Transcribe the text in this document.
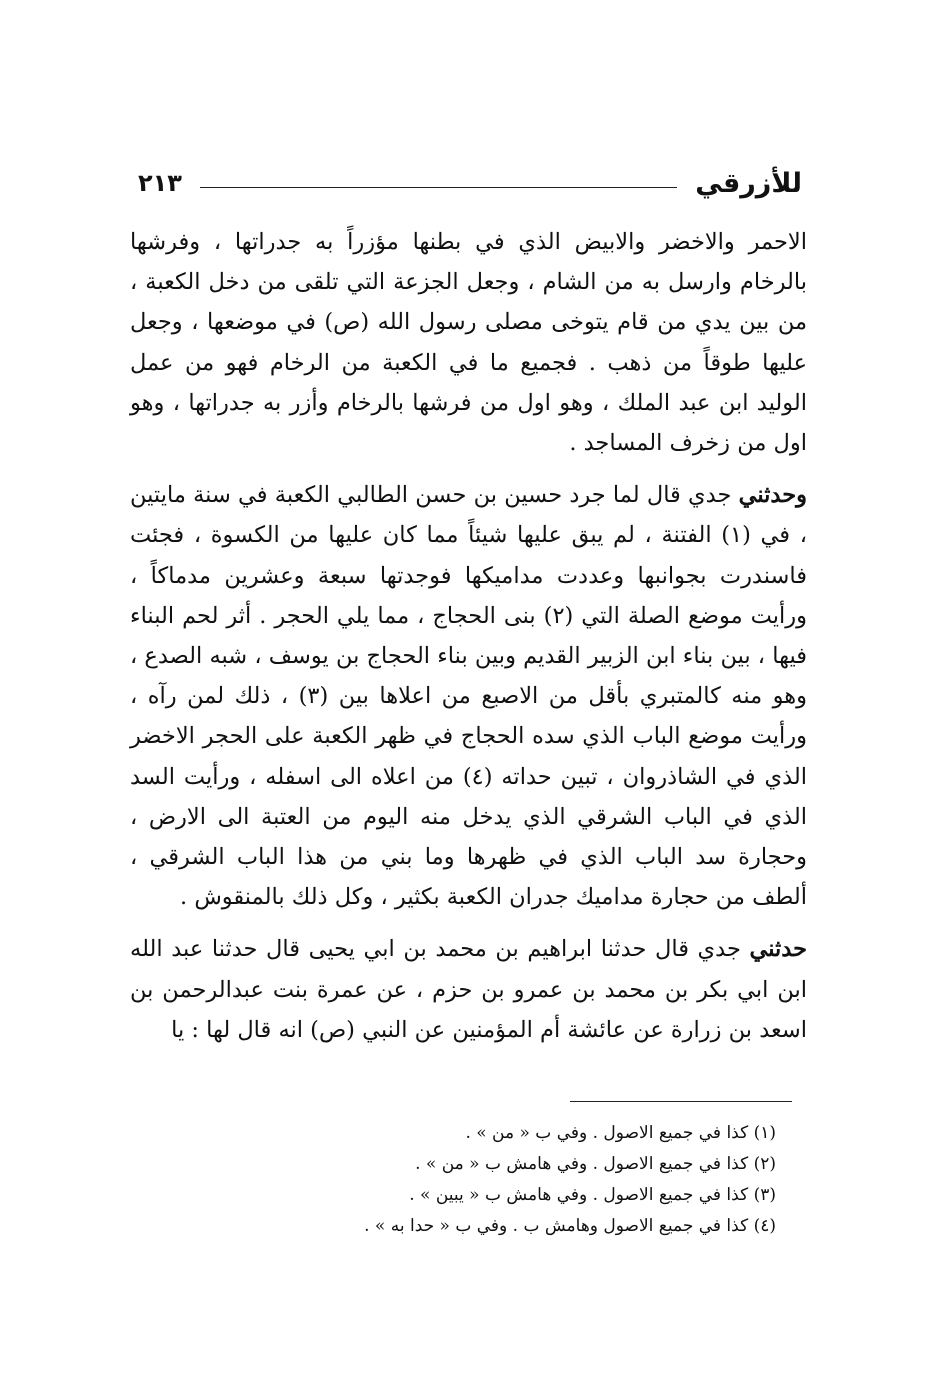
للأزرقي
٢١٣

الاحمر والاخضر والابيض الذي في بطنها مؤزراً به جدراتها ، وفرشها بالرخام وارسل به من الشام ، وجعل الجزعة التي تلقى من دخل الكعبة ، من بين يدي من قام يتوخى مصلى رسول الله (ص) في موضعها ، وجعل عليها طوقاً من ذهب . فجميع ما في الكعبة من الرخام فهو من عمل الوليد ابن عبد الملك ، وهو اول من فرشها بالرخام وأزر به جدراتها ، وهو اول من زخرف المساجد .

وحدثني جدي قال لما جرد حسين بن حسن الطالبي الكعبة في سنة مايتين ، في (١) الفتنة ، لم يبق عليها شيئاً مما كان عليها من الكسوة ، فجئت فاسندرت بجوانبها وعددت مداميكها فوجدتها سبعة وعشرين مدماكاً ، ورأيت موضع الصلة التي (٢) بنى الحجاج ، مما يلي الحجر . أثر لحم البناء فيها ، بين بناء ابن الزبير القديم وبين بناء الحجاج بن يوسف ، شبه الصدع ، وهو منه كالمتبري بأقل من الاصبع من اعلاها بين (٣) ، ذلك لمن رآه ، ورأيت موضع الباب الذي سده الحجاج في ظهر الكعبة على الحجر الاخضر الذي في الشاذروان ، تبين حداته (٤) من اعلاه الى اسفله ، ورأيت السد الذي في الباب الشرقي الذي يدخل منه اليوم من العتبة الى الارض ، وحجارة سد الباب الذي في ظهرها وما بني من هذا الباب الشرقي ، ألطف من حجارة مداميك جدران الكعبة بكثير ، وكل ذلك بالمنقوش .

حدثني جدي قال حدثنا ابراهيم بن محمد بن ابي يحيى قال حدثنا عبد الله ابن ابي بكر بن محمد بن عمرو بن حزم ، عن عمرة بنت عبدالرحمن بن اسعد بن زرارة عن عائشة أم المؤمنين عن النبي (ص) انه قال لها : يا

(١) كذا في جميع الاصول . وفي ب « من » .
(٢) كذا في جميع الاصول . وفي هامش ب « من » .
(٣) كذا في جميع الاصول . وفي هامش ب « يبين » .
(٤) كذا في جميع الاصول وهامش ب . وفي ب « حدا به » .
